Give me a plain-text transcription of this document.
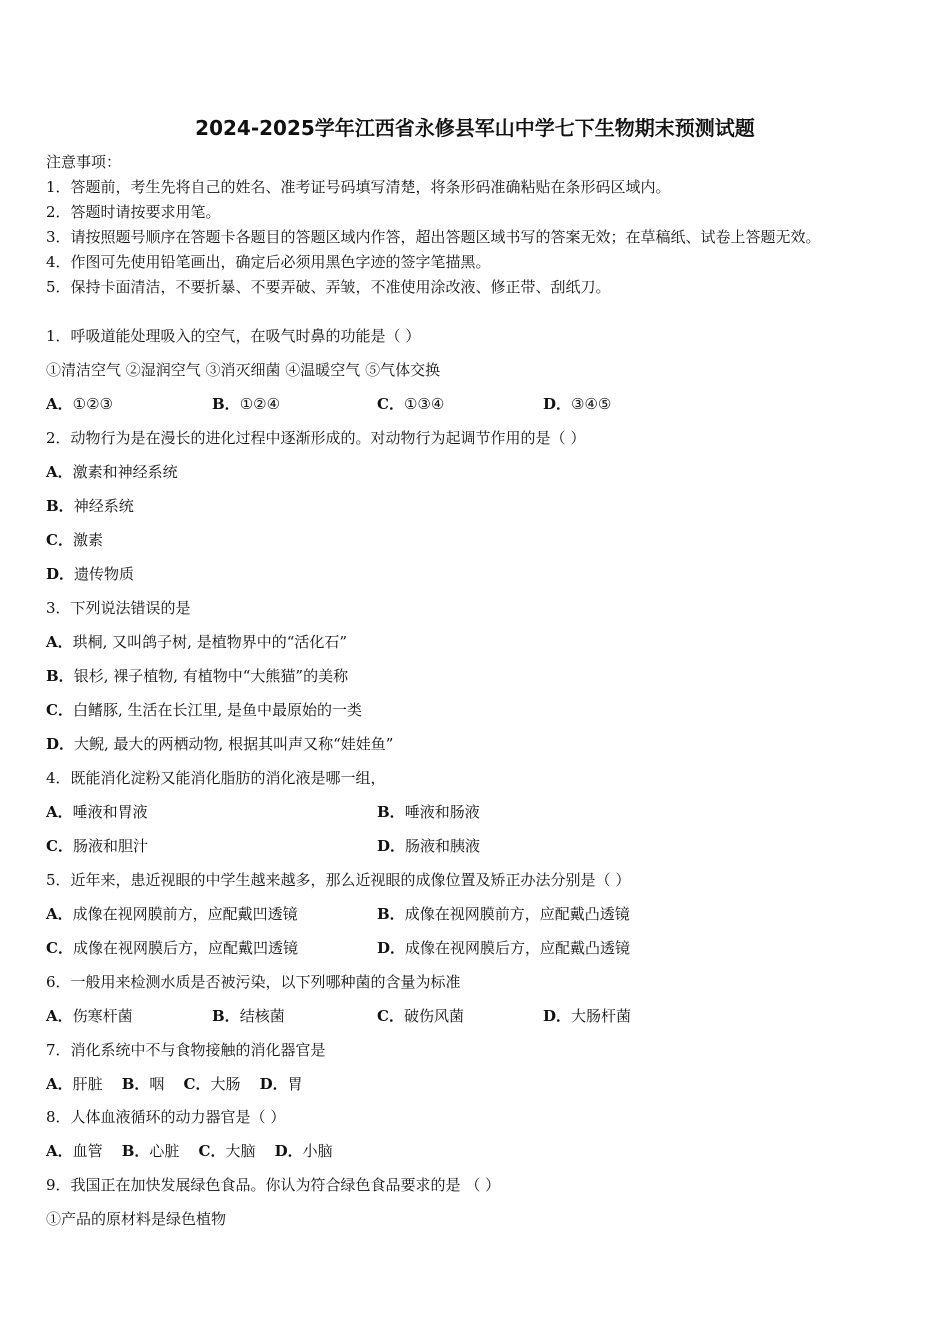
2024-2025学年江西省永修县军山中学七下生物期末预测试题
注意事项：
1．答题前，考生先将自己的姓名、准考证号码填写清楚，将条形码准确粘贴在条形码区域内。
2．答题时请按要求用笔。
3．请按照题号顺序在答题卡各题目的答题区域内作答，超出答题区域书写的答案无效；在草稿纸、试卷上答题无效。
4．作图可先使用铅笔画出，确定后必须用黑色字迹的签字笔描黑。
5．保持卡面清洁，不要折暴、不要弄破、弄皱，不准使用涂改液、修正带、刮纸刀。
1．呼吸道能处理吸入的空气，在吸气时鼻的功能是（ ）
①清洁空气 ②湿润空气 ③消灭细菌 ④温暖空气 ⑤气体交换
A．①②③	B．①②④	C．①③④	D．③④⑤
2．动物行为是在漫长的进化过程中逐渐形成的。对动物行为起调节作用的是（ ）
A．激素和神经系统
B．神经系统
C．激素
D．遗传物质
3．下列说法错误的是
A．珙桐, 又叫鸽子树, 是植物界中的“活化石”
B．银杉, 裸子植物, 有植物中“大熊猫”的美称
C．白鳍豚, 生活在长江里, 是鱼中最原始的一类
D．大鲵, 最大的两栖动物, 根据其叫声又称“娃娃鱼”
4．既能消化淀粉又能消化脂肪的消化液是哪一组，
A．唾液和胃液	B．唾液和肠液
C．肠液和胆汁	D．肠液和胰液
5．近年来，患近视眼的中学生越来越多，那么近视眼的成像位置及矫正办法分别是（ ）
A．成像在视网膜前方，应配戴凹透镜	B．成像在视网膜前方，应配戴凸透镜
C．成像在视网膜后方，应配戴凹透镜	D．成像在视网膜后方，应配戴凸透镜
6．一般用来检测水质是否被污染，以下列哪种菌的含量为标准
A．伤寒杆菌	B．结核菌	C．破伤风菌	D．大肠杆菌
7．消化系统中不与食物接触的消化器官是
A．肝脏 B．咽 C．大肠 D．胃
8．人体血液循环的动力器官是（ ）
A．血管 B．心脏 C．大脑 D．小脑
9．我国正在加快发展绿色食品。你认为符合绿色食品要求的是 （ ）
①产品的原材料是绿色植物
